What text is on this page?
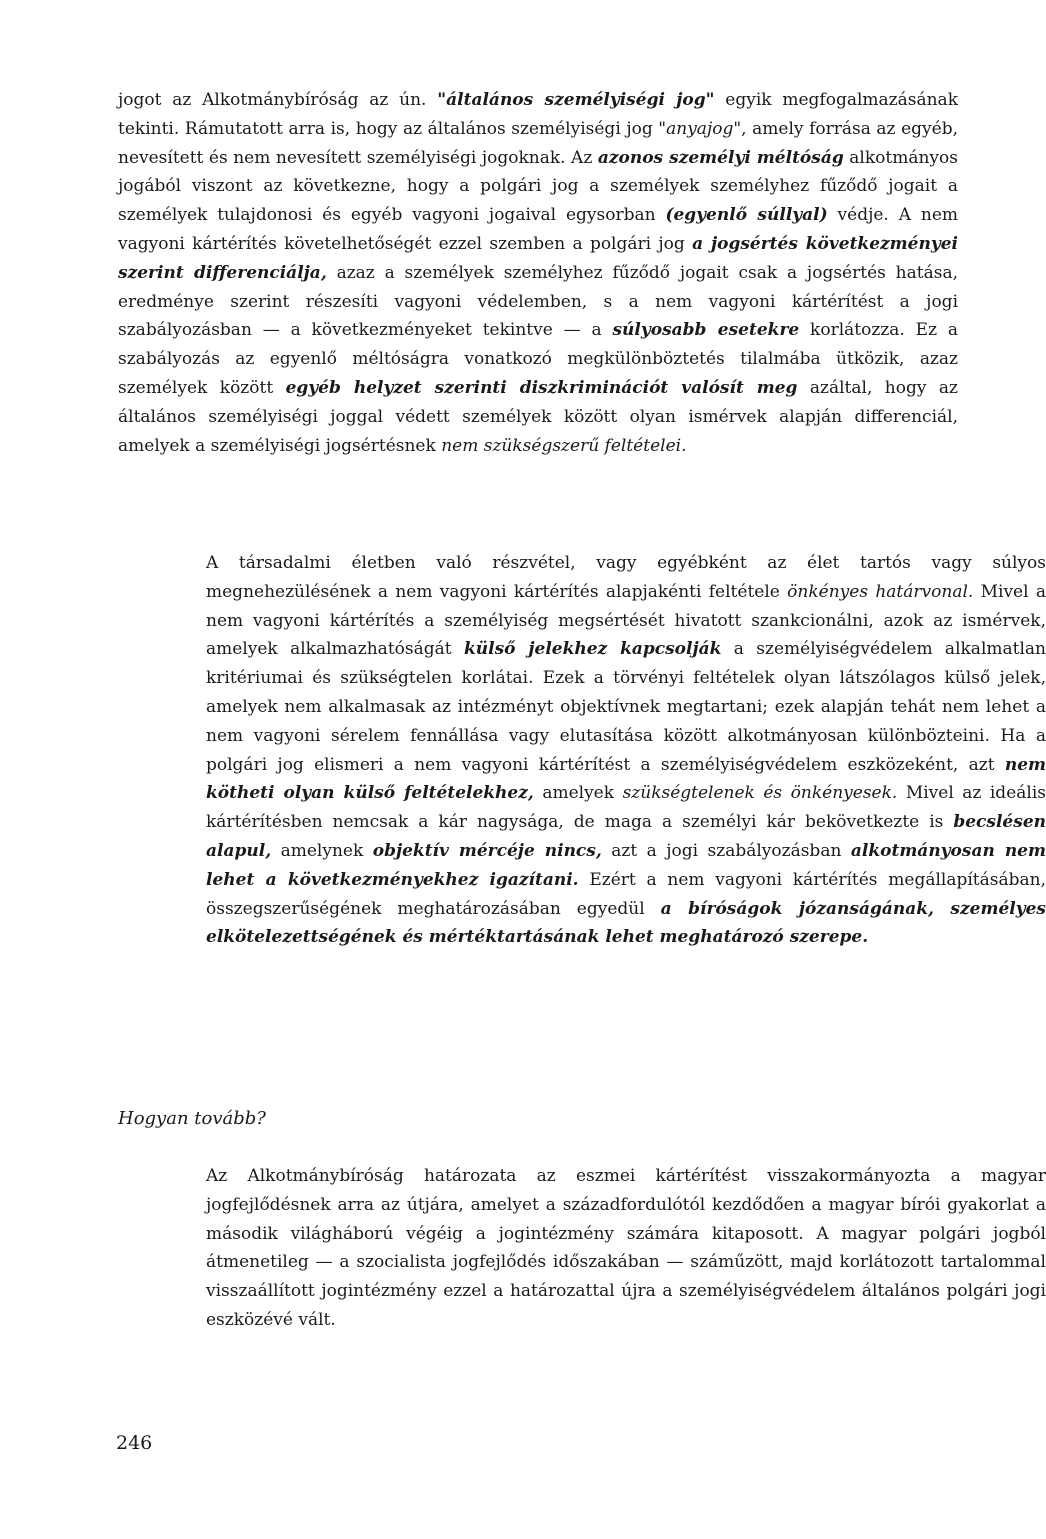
jogot az Alkotmánybíróság az ún. "általános személyiségi jog" egyik megfogalmazásának tekinti. Rámutatott arra is, hogy az általános személyiségi jog "anyajog", amely forrása az egyéb, nevesített és nem nevesített személyiségi jogoknak. Az azonos személyi méltóság alkotmányos jogából viszont az következne, hogy a polgári jog a személyek személyhez fűződő jogait a személyek tulajdonosi és egyéb vagyoni jogaival egysorban (egyenlő súllyal) védje. A nem vagyoni kártérítés követelhetőségét ezzel szemben a polgári jog a jogsértés következményei szerint differenciálja, azaz a személyek személyhez fűződő jogait csak a jogsértés hatása, eredménye szerint részesíti vagyoni védelemben, s a nem vagyoni kártérítést a jogi szabályozásban — a következményeket tekintve — a súlyosabb esetekre korlátozza. Ez a szabályozás az egyenlő méltóságra vonatkozó megkülönböztetés tilalmába ütközik, azaz személyek között egyéb helyzet szerinti diszkriminációt valósít meg azáltal, hogy az általános személyiségi joggal védett személyek között olyan ismérvek alapján differenciál, amelyek a személyiségi jogsértésnek nem szükségszerű feltételei.

A társadalmi életben való részvétel, vagy egyébként az élet tartós vagy súlyos megnehezülésének a nem vagyoni kártérítés alapjakénti feltétele önkényes határvonal. Mivel a nem vagyoni kártérítés a személyiség megsértését hivatott szankcionálni, azok az ismérvek, amelyek alkalmazhatóságát külső jelekhez kapcsolják a személyiségvédelem alkalmatlan kritériumai és szükségtelen korlátai. Ezek a törvényi feltételek olyan látszólagos külső jelek, amelyek nem alkalmasak az intézményt objektívnek megtartani; ezek alapján tehát nem lehet a nem vagyoni sérelem fennállása vagy elutasítása között alkotmányosan különbözteini. Ha a polgári jog elismeri a nem vagyoni kártérítést a személyiségvédelem eszközeként, azt nem kötheti olyan külső feltételekhez, amelyek szükségtelenek és önkényesek. Mivel az ideális kártérítésben nemcsak a kár nagysága, de maga a személyi kár bekövetkezte is becslésen alapul, amelynek objektív mércéje nincs, azt a jogi szabályozásban alkotmányosan nem lehet a következményekhez igazítani. Ezért a nem vagyoni kártérítés megállapításában, összegszerűségének meghatározásában egyedül a bíróságok józanságának, személyes elkötelezettségének és mértéktartásának lehet meghatározó szerepe.

Hogyan tovább?

Az Alkotmánybíróság határozata az eszmei kártérítést visszakormányozta a magyar jogfejlődésnek arra az útjára, amelyet a századfordulótól kezdődően a magyar bírói gyakorlat a második világháború végéig a jogintézmény számára kitaposott. A magyar polgári jogból átmenetileg — a szocialista jogfejlődés időszakában — száműzött, majd korlátozott tartalommal visszaállított jogintézmény ezzel a határozattal újra a személyiségvédelem általános polgári jogi eszközévé vált.

246
